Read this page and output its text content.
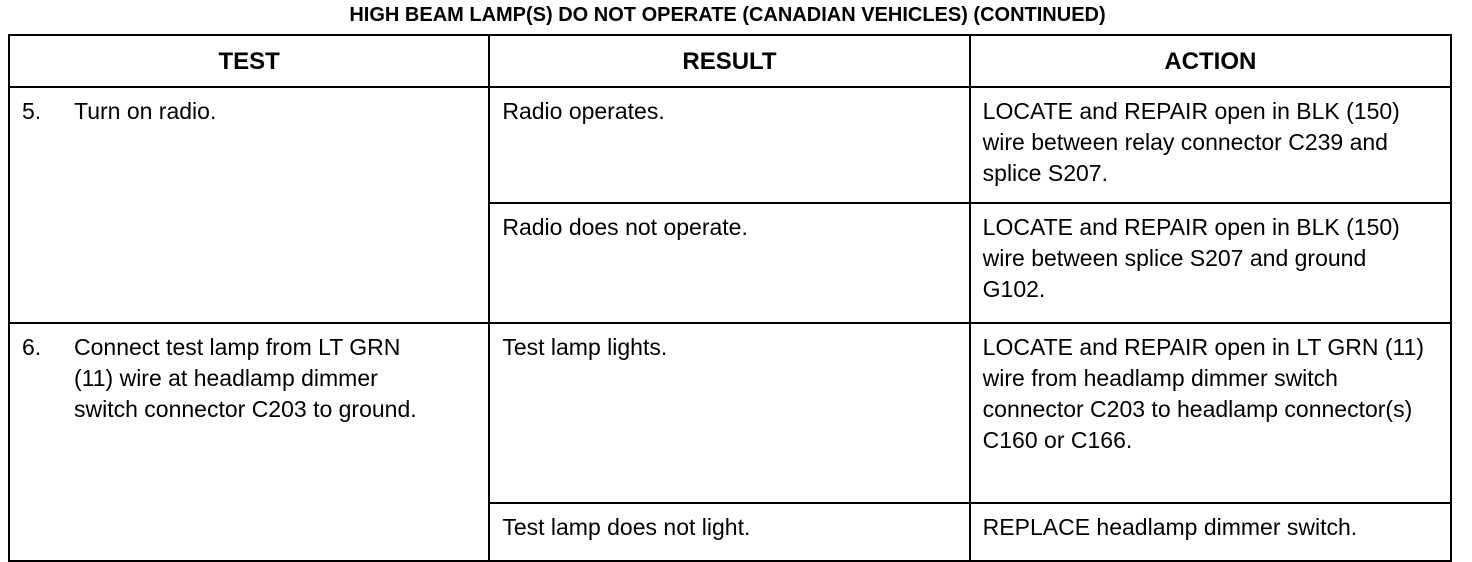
HIGH BEAM LAMP(S) DO NOT OPERATE (CANADIAN VEHICLES) (CONTINUED)
TEST	RESULT	ACTION

5. Turn on radio.	Radio operates.	LOCATE and REPAIR open in BLK (150) wire between relay connector C239 and splice S207.
	Radio does not operate.	LOCATE and REPAIR open in BLK (150) wire between splice S207 and ground G102.

6. Connect test lamp from LT GRN (11) wire at headlamp dimmer switch connector C203 to ground.	Test lamp lights.	LOCATE and REPAIR open in LT GRN (11) wire from headlamp dimmer switch connector C203 to headlamp connector(s) C160 or C166.
	Test lamp does not light.	REPLACE headlamp dimmer switch.
